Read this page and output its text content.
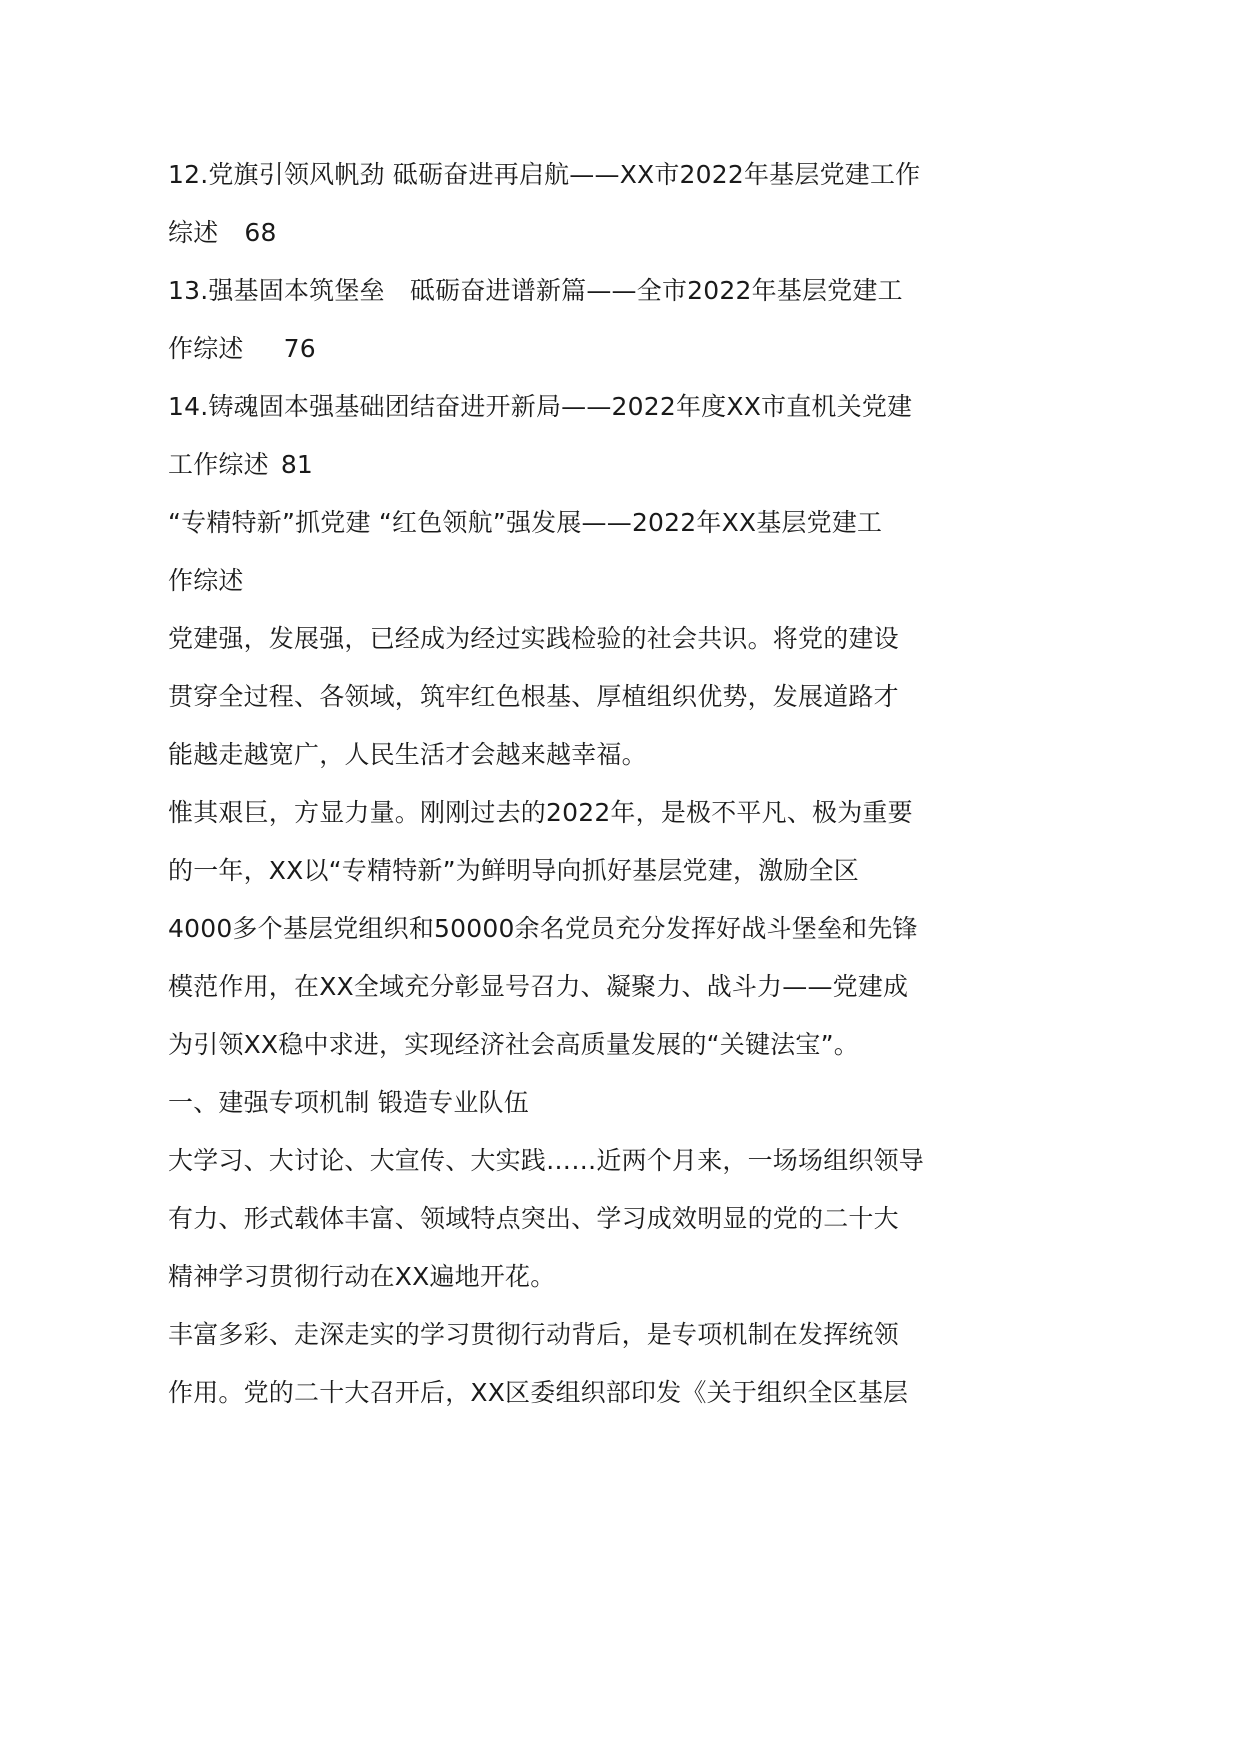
12.党旗引领风帆劲 砥砺奋进再启航——XX市2022年基层党建工作
综述 68
13.强基固本筑堡垒　砥砺奋进谱新篇——全市2022年基层党建工
作综述 76
14.铸魂固本强基础团结奋进开新局——2022年度XX市直机关党建
工作综述 81
“专精特新”抓党建 “红色领航”强发展——2022年XX基层党建工
作综述
党建强，发展强，已经成为经过实践检验的社会共识。将党的建设
贯穿全过程、各领域，筑牢红色根基、厚植组织优势，发展道路才
能越走越宽广，人民生活才会越来越幸福。
惟其艰巨，方显力量。刚刚过去的2022年，是极不平凡、极为重要
的一年，XX以“专精特新”为鲜明导向抓好基层党建，激励全区
4000多个基层党组织和50000余名党员充分发挥好战斗堡垒和先锋
模范作用，在XX全域充分彰显号召力、凝聚力、战斗力——党建成
为引领XX稳中求进，实现经济社会高质量发展的“关键法宝”。
一、建强专项机制 锻造专业队伍
大学习、大讨论、大宣传、大实践……近两个月来，一场场组织领导
有力、形式载体丰富、领域特点突出、学习成效明显的党的二十大
精神学习贯彻行动在XX遍地开花。
丰富多彩、走深走实的学习贯彻行动背后，是专项机制在发挥统领
作用。党的二十大召开后，XX区委组织部印发《关于组织全区基层
